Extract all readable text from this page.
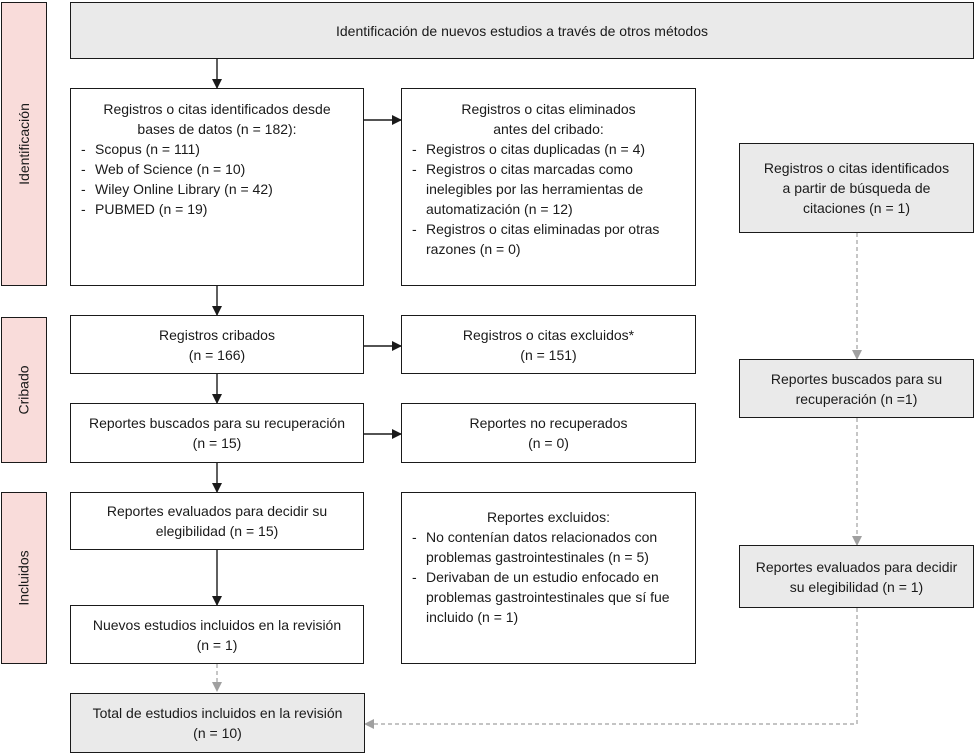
Identificación de nuevos estudios a través de otros métodos
Identificación
Cribado
Incluidos
Registros o citas identificados desde
bases de datos (n = 182):
- Scopus (n = 111)
- Web of Science (n = 10)
- Wiley Online Library (n = 42)
- PUBMED (n = 19)
Registros o citas eliminados
antes del cribado:
- Registros o citas duplicadas (n = 4)
- Registros o citas marcadas como inelegibles por las herramientas de automatización (n = 12)
- Registros o citas eliminadas por otras razones (n = 0)
Registros o citas identificados
a partir de búsqueda de
citaciones (n = 1)
Registros cribados
(n = 166)
Registros o citas excluidos*
(n = 151)
Reportes buscados para su recuperación
(n = 15)
Reportes no recuperados
(n = 0)
Reportes buscados para su
recuperación (n =1)
Reportes evaluados para decidir su
elegibilidad (n = 15)
Reportes excluidos:
- No contenían datos relacionados con problemas gastrointestinales (n = 5)
- Derivaban de un estudio enfocado en problemas gastrointestinales que sí fue incluido (n = 1)
Reportes evaluados para decidir
su elegibilidad (n = 1)
Nuevos estudios incluidos en la revisión
(n = 1)
Total de estudios incluidos en la revisión
(n = 10)
